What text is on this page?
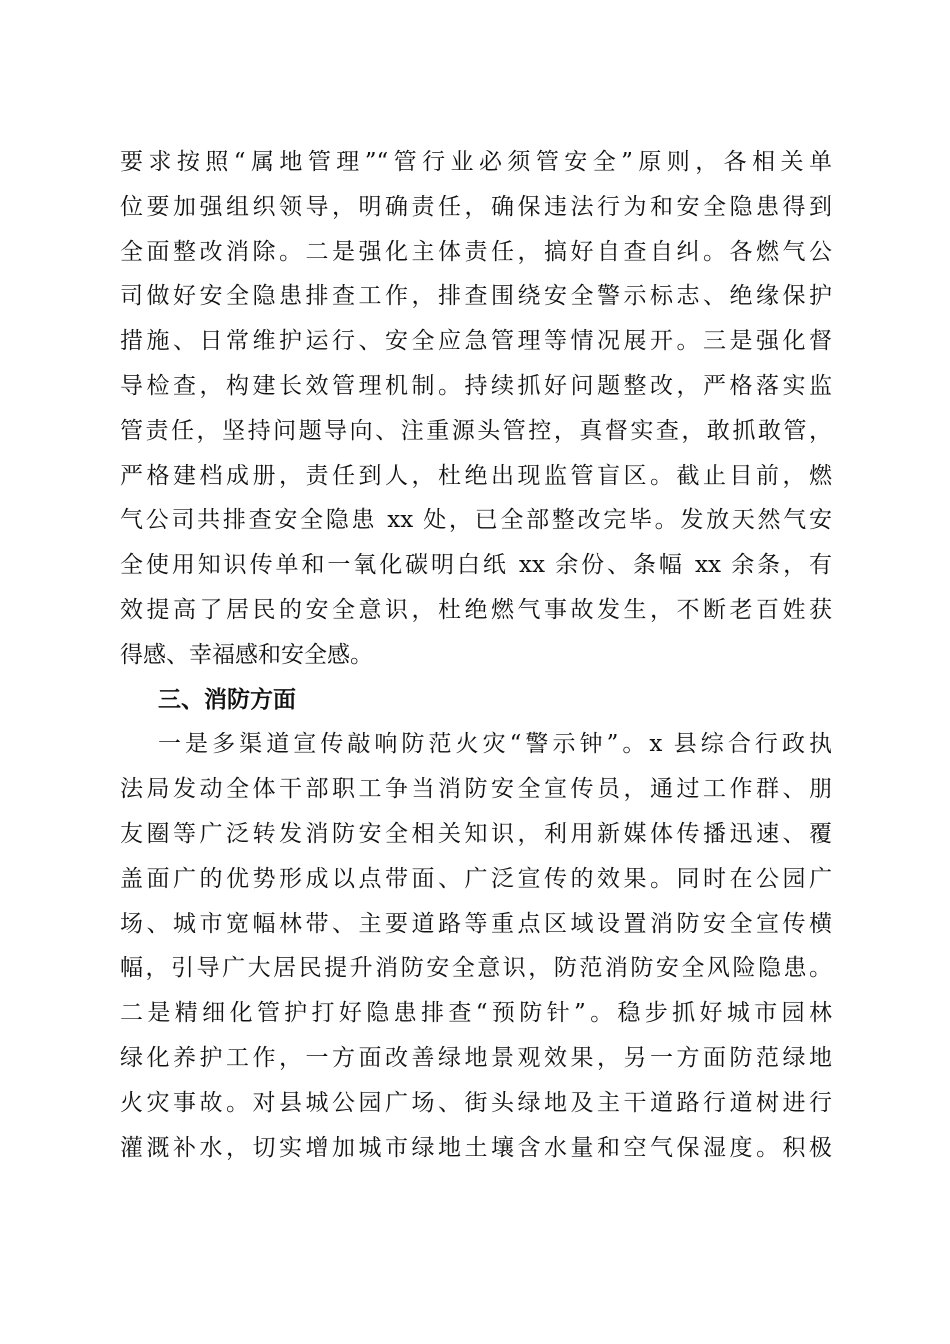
要求按照“属地管理”“管行业必须管安全”原则，各相关单
位要加强组织领导，明确责任，确保违法行为和安全隐患得到
全面整改消除。二是强化主体责任，搞好自查自纠。各燃气公
司做好安全隐患排查工作，排查围绕安全警示标志、绝缘保护
措施、日常维护运行、安全应急管理等情况展开。三是强化督
导检查，构建长效管理机制。持续抓好问题整改，严格落实监
管责任，坚持问题导向、注重源头管控，真督实查，敢抓敢管，
严格建档成册，责任到人，杜绝出现监管盲区。截止目前，燃
气公司共排查安全隐患 xx 处，已全部整改完毕。发放天然气安
全使用知识传单和一氧化碳明白纸 xx 余份、条幅 xx 余条，有
效提高了居民的安全意识，杜绝燃气事故发生，不断老百姓获
得感、幸福感和安全感。
三、消防方面
一是多渠道宣传敲响防范火灾“警示钟”。x 县综合行政执
法局发动全体干部职工争当消防安全宣传员，通过工作群、朋
友圈等广泛转发消防安全相关知识，利用新媒体传播迅速、覆
盖面广的优势形成以点带面、广泛宣传的效果。同时在公园广
场、城市宽幅林带、主要道路等重点区域设置消防安全宣传横
幅，引导广大居民提升消防安全意识，防范消防安全风险隐患。
二是精细化管护打好隐患排查“预防针”。稳步抓好城市园林
绿化养护工作，一方面改善绿地景观效果，另一方面防范绿地
火灾事故。对县城公园广场、街头绿地及主干道路行道树进行
灌溉补水，切实增加城市绿地土壤含水量和空气保湿度。积极
